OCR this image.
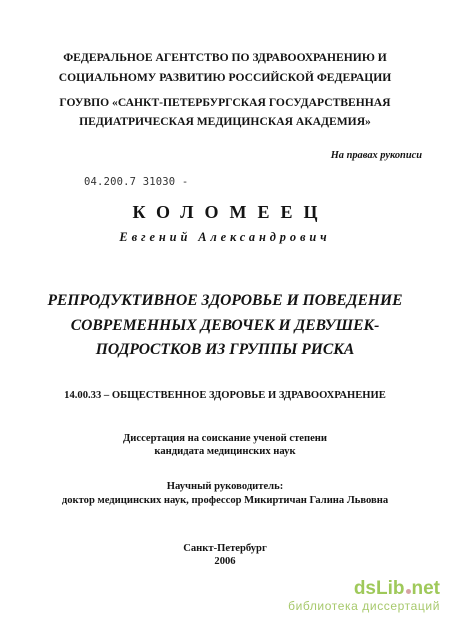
ФЕДЕРАЛЬНОЕ АГЕНТСТВО ПО ЗДРАВООХРАНЕНИЮ И
СОЦИАЛЬНОМУ РАЗВИТИЮ РОССИЙСКОЙ ФЕДЕРАЦИИ
ГОУВПО «САНКТ-ПЕТЕРБУРГСКАЯ ГОСУДАРСТВЕННАЯ
ПЕДИАТРИЧЕСКАЯ МЕДИЦИНСКАЯ АКАДЕМИЯ»
На правах рукописи
04.200.7 31030 -
КОЛОМЕЕЦ
Евгений Александрович
РЕПРОДУКТИВНОЕ ЗДОРОВЬЕ И ПОВЕДЕНИЕ
СОВРЕМЕННЫХ ДЕВОЧЕК И ДЕВУШЕК-
ПОДРОСТКОВ ИЗ ГРУППЫ РИСКА
14.00.33 – ОБЩЕСТВЕННОЕ ЗДОРОВЬЕ И ЗДРАВООХРАНЕНИЕ
Диссертация на соискание ученой степени
кандидата медицинских наук
Научный руководитель:
доктор медицинских наук, профессор Микиртичан Галина Львовна
Санкт-Петербург
2006
dsLib net
библиотека диссертаций
